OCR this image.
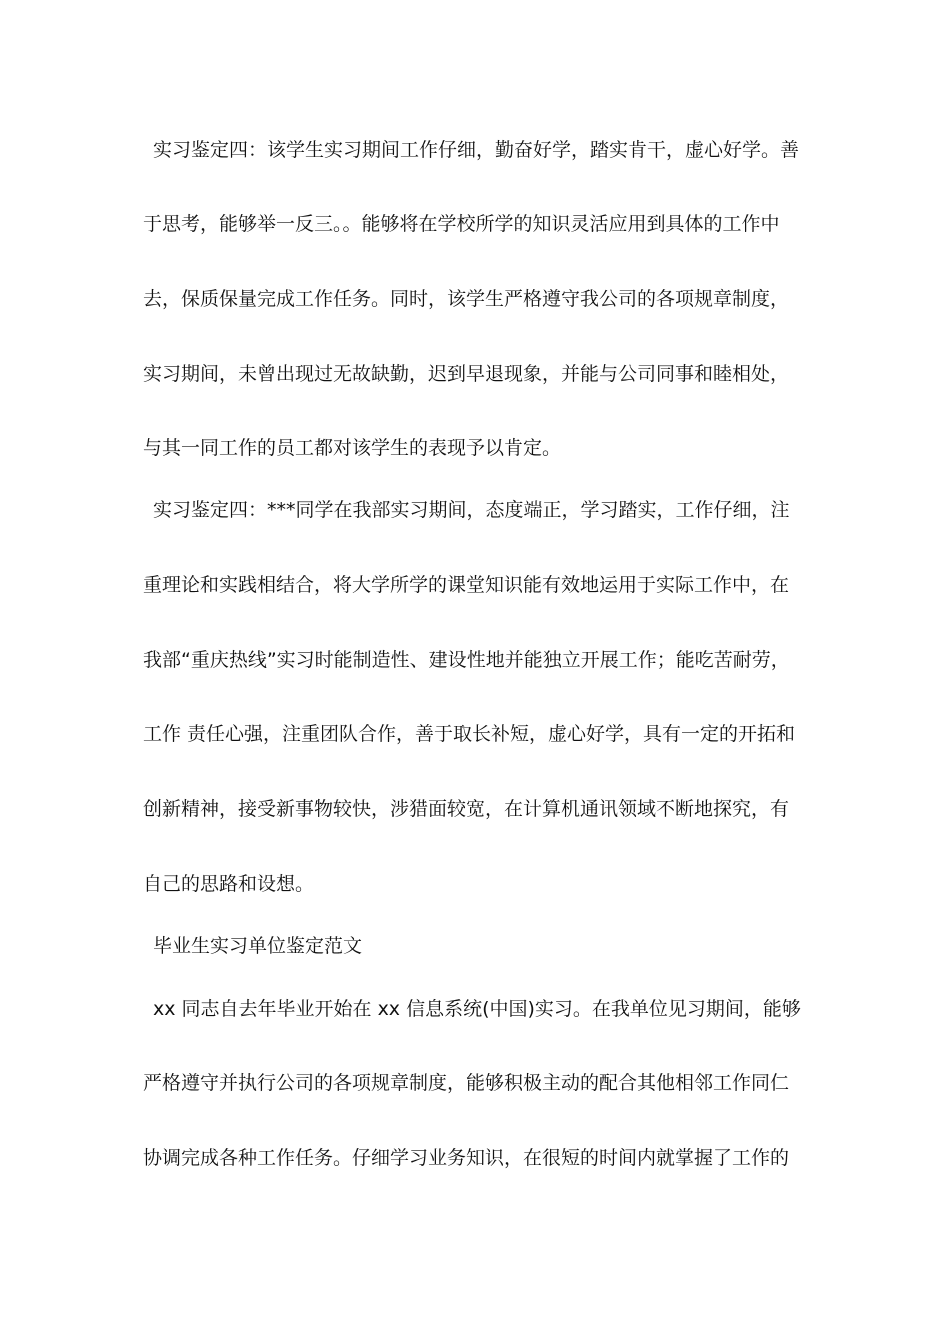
实习鉴定四：该学生实习期间工作仔细，勤奋好学，踏实肯干，虚心好学。善
于思考，能够举一反三。。能够将在学校所学的知识灵活应用到具体的工作中
去，保质保量完成工作任务。同时，该学生严格遵守我公司的各项规章制度，
实习期间，未曾出现过无故缺勤，迟到早退现象，并能与公司同事和睦相处，
与其一同工作的员工都对该学生的表现予以肯定。
实习鉴定四：***同学在我部实习期间，态度端正，学习踏实，工作仔细，注
重理论和实践相结合，将大学所学的课堂知识能有效地运用于实际工作中，在
我部“重庆热线”实习时能制造性、建设性地并能独立开展工作；能吃苦耐劳，
工作 责任心强，注重团队合作，善于取长补短，虚心好学，具有一定的开拓和
创新精神，接受新事物较快，涉猎面较宽，在计算机通讯领域不断地探究，有
自己的思路和设想。
毕业生实习单位鉴定范文
xx 同志自去年毕业开始在 xx 信息系统(中国)实习。在我单位见习期间，能够
严格遵守并执行公司的各项规章制度，能够积极主动的配合其他相邻工作同仁
协调完成各种工作任务。仔细学习业务知识，在很短的时间内就掌握了工作的
